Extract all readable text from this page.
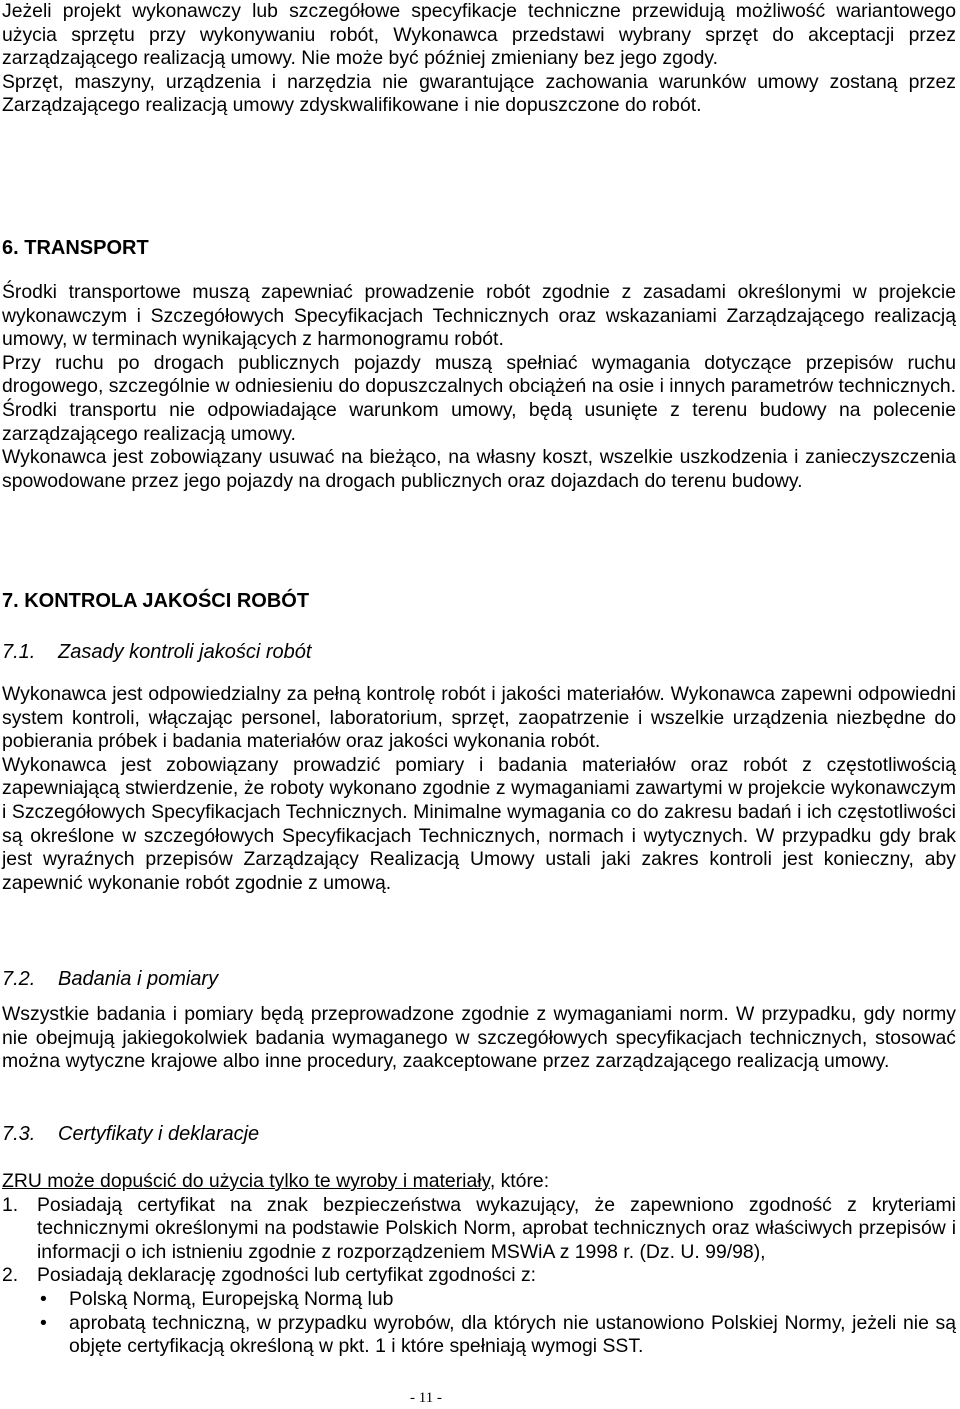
Jeżeli projekt wykonawczy lub szczegółowe specyfikacje techniczne przewidują możliwość wariantowego użycia sprzętu przy wykonywaniu robót, Wykonawca przedstawi wybrany sprzęt do akceptacji przez zarządzającego realizacją umowy. Nie może być później zmieniany bez jego zgody.

Sprzęt, maszyny, urządzenia i narzędzia nie gwarantujące zachowania warunków umowy zostaną przez Zarządzającego realizacją umowy zdyskwalifikowane i nie dopuszczone do robót.

6. TRANSPORT

Środki transportowe muszą zapewniać prowadzenie robót zgodnie z zasadami określonymi w projekcie wykonawczym i Szczegółowych Specyfikacjach Technicznych oraz wskazaniami Zarządzającego realizacją umowy, w terminach wynikających z harmonogramu robót.

Przy ruchu po drogach publicznych pojazdy muszą spełniać wymagania dotyczące przepisów ruchu drogowego, szczególnie w odniesieniu do dopuszczalnych obciążeń na osie i innych parametrów technicznych. Środki transportu nie odpowiadające warunkom umowy, będą usunięte z terenu budowy na polecenie zarządzającego realizacją umowy.

Wykonawca jest zobowiązany usuwać na bieżąco, na własny koszt, wszelkie uszkodzenia i zanieczyszczenia spowodowane przez jego pojazdy na drogach publicznych oraz dojazdach do terenu budowy.

7. KONTROLA JAKOŚCI ROBÓT
7.1. Zasady kontroli jakości robót

Wykonawca jest odpowiedzialny za pełną kontrolę robót i jakości materiałów. Wykonawca zapewni odpowiedni system kontroli, włączając personel, laboratorium, sprzęt, zaopatrzenie i wszelkie urządzenia niezbędne do pobierania próbek i badania materiałów oraz jakości wykonania robót.

Wykonawca jest zobowiązany prowadzić pomiary i badania materiałów oraz robót z częstotliwością zapewniającą stwierdzenie, że roboty wykonano zgodnie z wymaganiami zawartymi w projekcie wykonawczym i Szczegółowych Specyfikacjach Technicznych. Minimalne wymagania co do zakresu badań i ich częstotliwości są określone w szczegółowych Specyfikacjach Technicznych, normach i wytycznych. W przypadku gdy brak jest wyraźnych przepisów Zarządzający Realizacją Umowy ustali jaki zakres kontroli jest konieczny, aby zapewnić wykonanie robót zgodnie z umową.

7.2. Badania i pomiary

Wszystkie badania i pomiary będą przeprowadzone zgodnie z wymaganiami norm. W przypadku, gdy normy nie obejmują jakiegokolwiek badania wymaganego w szczegółowych specyfikacjach technicznych, stosować można wytyczne krajowe albo inne procedury, zaakceptowane przez zarządzającego realizacją umowy.

7.3. Certyfikaty i deklaracje

ZRU może dopuścić do użycia tylko te wyroby i materiały, które:

1. Posiadają certyfikat na znak bezpieczeństwa wykazujący, że zapewniono zgodność z kryteriami technicznymi określonymi na podstawie Polskich Norm, aprobat technicznych oraz właściwych przepisów i informacji o ich istnieniu zgodnie z rozporządzeniem MSWiA z 1998 r. (Dz. U. 99/98),

2. Posiadają deklarację zgodności lub certyfikat zgodności z:

• Polską Normą, Europejską Normą lub

• aprobatą techniczną, w przypadku wyrobów, dla których nie ustanowiono Polskiej Normy, jeżeli nie są objęte certyfikacją określoną w pkt. 1 i które spełniają wymogi SST.

- 11 -
